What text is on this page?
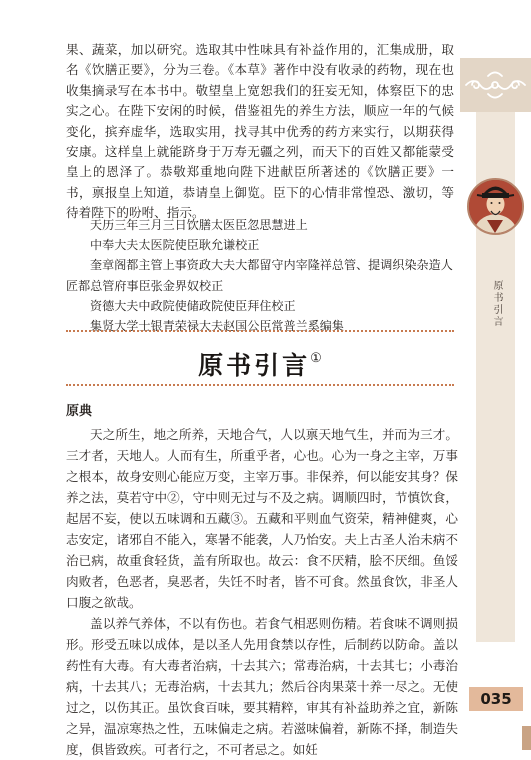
果、蔬菜，加以研究。选取其中性味具有补益作用的，汇集成册，取名《饮膳正要》，分为三卷。《本草》著作中没有收录的药物，现在也收集摘录写在本书中。敬望皇上宽恕我们的狂妄无知，体察臣下的忠实之心。在陛下安闲的时候，借鉴祖先的养生方法，顺应一年的气候变化，摈弃虚华，选取实用，找寻其中优秀的药方来实行，以期获得安康。这样皇上就能跻身于万寿无疆之列，而天下的百姓又都能蒙受皇上的恩泽了。恭敬郑重地向陛下进献臣所著述的《饮膳正要》一书，禀报皇上知道，恭请皇上御览。臣下的心情非常惶恐、激切，等待着陛下的吩咐、指示。

天历三年三月三日饮膳太医臣忽思慧进上

中奉大夫太医院使臣耿允谦校正

奎章阁都主管上事资政大夫大都留守内宰隆祥总管、提调织染杂造人匠都总管府事臣张金界奴校正

资德大夫中政院使储政院使臣拜住校正

集贤大学士银青荣禄大夫赵国公臣常普兰奚编集

原书引言①
原典

天之所生，地之所养，天地合气，人以禀天地气生，并而为三才。三才者，天地人。人而有生，所重乎者，心也。心为一身之主宰，万事之根本，故身安则心能应万变，主宰万事。非保养，何以能安其身？保养之法，莫若守中②，守中则无过与不及之病。调顺四时，节慎饮食，起居不妄，使以五味调和五藏③。五藏和平则血气资荣，精神健爽，心志安定，诸邪自不能入，寒暑不能袭，人乃怡安。夫上古圣人治未病不治已病，故重食轻货，盖有所取也。故云：食不厌精，脍不厌细。鱼馁肉败者，色恶者，臭恶者，失饪不时者，皆不可食。然虽食饮，非圣人口腹之欲哉。

盖以养气养体，不以有伤也。若食气相恶则伤精。若食味不调则损形。形受五味以成体，是以圣人先用食禁以存性，后制药以防命。盖以药性有大毒。有大毒者治病，十去其六；常毒治病，十去其七；小毒治病，十去其八；无毒治病，十去其九；然后谷肉果菜十养一尽之。无使过之，以伤其正。虽饮食百味，要其精粹，审其有补益助养之宜，新陈之异，温凉寒热之性，五味偏走之病。若滋味偏着，新陈不择，制造失度，俱皆致疾。可者行之，不可者忌之。如妊

原书引言
035
